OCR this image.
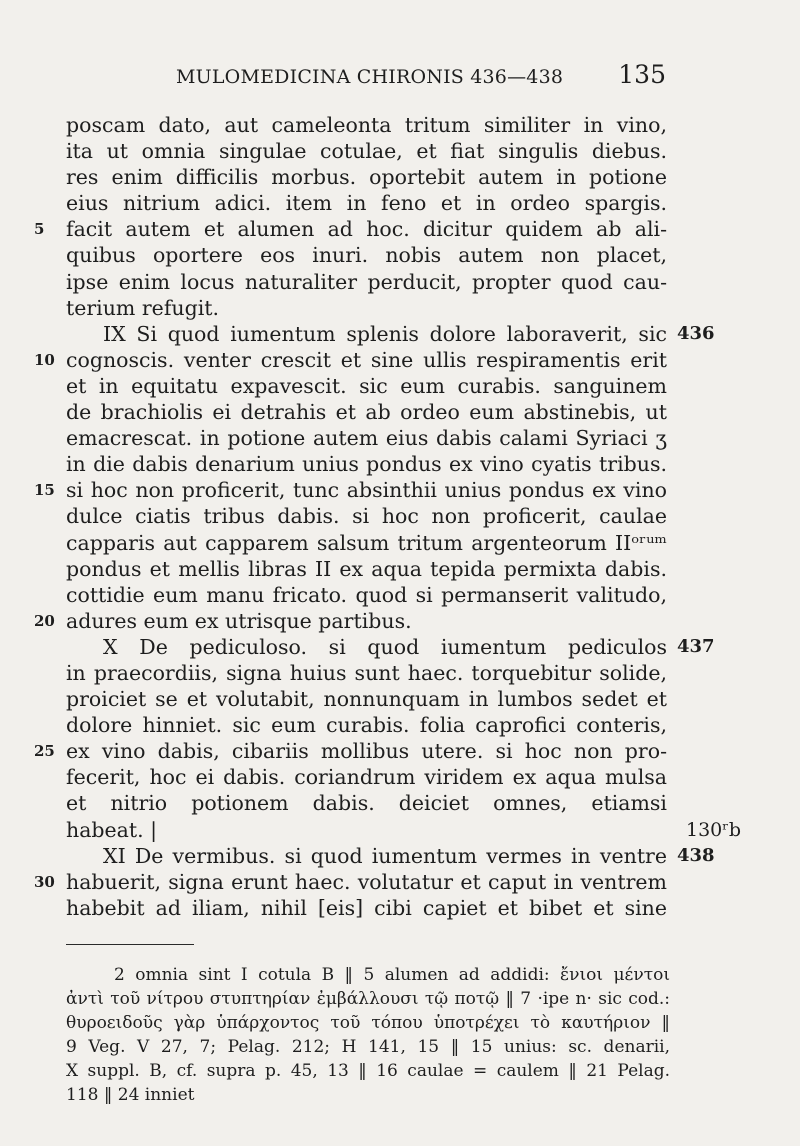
MULOMEDICINA CHIRONIS 436—438 135
poscam dato, aut cameleonta tritum similiter in vino,
ita ut omnia singulae cotulae, et fiat singulis diebus.
res enim difficilis morbus. oportebit autem in potione
eius nitrium adici. item in feno et in ordeo spargis.
5	facit autem et alumen ad hoc. dicitur quidem ab ali-
quibus oportere eos inuri. nobis autem non placet,
ipse enim locus naturaliter perducit, propter quod cau-
terium refugit.
IX Si quod iumentum splenis dolore laboraverit, sic 436
10 cognoscis. venter crescit et sine ullis respiramentis erit
et in equitatu expavescit. sic eum curabis. sanguinem
de brachiolis ei detrahis et ab ordeo eum abstinebis, ut
emacrescat. in potione autem eius dabis calami Syriaci ʒ
in die dabis denarium unius pondus ex vino cyatis tribus.
15 si hoc non proficerit, tunc absinthii unius pondus ex vino
dulce ciatis tribus dabis. si hoc non proficerit, caulae
capparis aut capparem salsum tritum argenteorum IIᵒʳᵘᵐ
pondus et mellis libras II ex aqua tepida permixta dabis.
cottidie eum manu fricato. quod si permanserit valitudo,
20 adures eum ex utrisque partibus.
X De pediculoso. si quod iumentum pediculos 437
in praecordiis, signa huius sunt haec. torquebitur solide,
proiciet se et volutabit, nonnunquam in lumbos sedet et
dolore hinniet. sic eum curabis. folia caprofici conteris,
25 ex vino dabis, cibariis mollibus utere. si hoc non pro-
fecerit, hoc ei dabis. coriandrum viridem ex aqua mulsa
et nitrio potionem dabis. deiciet omnes, etiamsi
habeat. |	130ʳb
XI De vermibus. si quod iumentum vermes in ventre 438
30 habuerit, signa erunt haec. volutatur et caput in ventrem
habebit ad iliam, nihil [eis] cibi capiet et bibet et sine
2 omnia sint I cotula B ‖ 5 alumen ad addidi: ἔνιοι μέντοι
ἀντὶ τοῦ νίτρου στυπτηρίαν ἐμβάλλουσι τῷ ποτῷ ‖ 7 ·ipe n· sic cod.:
θυροειδοῦς γὰρ ὑπάρχοντος τοῦ τόπου ὑποτρέχει τὸ καυτήριον ‖
9 Veg. V 27, 7; Pelag. 212; H 141, 15 ‖ 15 unius: sc. denarii,
X suppl. B, cf. supra p. 45, 13 ‖ 16 caulae = caulem ‖ 21 Pelag.
118 ‖ 24 inniet
